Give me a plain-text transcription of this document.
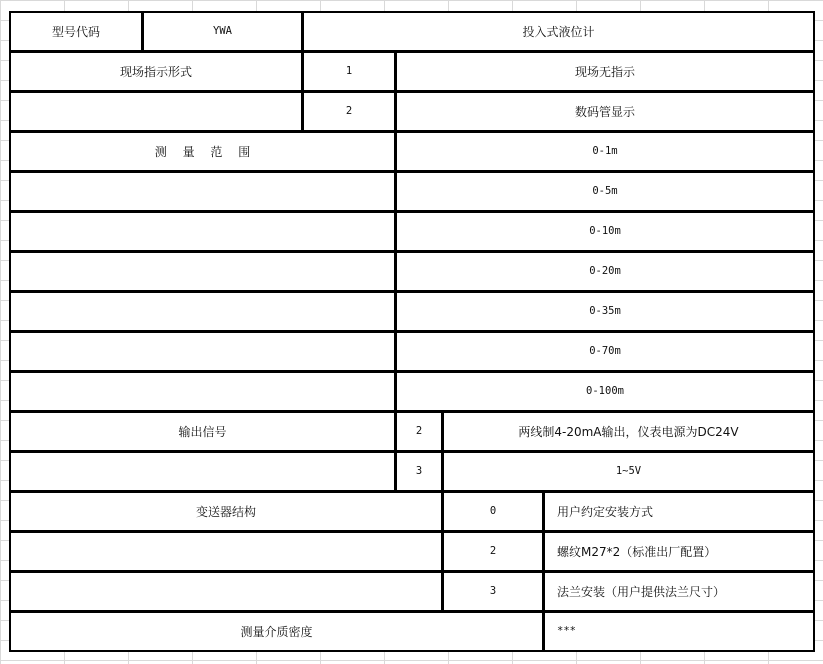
型号代码	YWA	投入式液位计
现场指示形式	1	现场无指示
2	数码管显示
测 量 范 围	0-1m
0-5m
0-10m
0-20m
0-35m
0-70m
0-100m
输出信号	2	两线制4-20mA输出，仪表电源为DC24V
3	1~5V
变送器结构	0	用户约定安装方式
2	螺纹M27*2（标准出厂配置）
3	法兰安装（用户提供法兰尺寸）
测量介质密度	***
